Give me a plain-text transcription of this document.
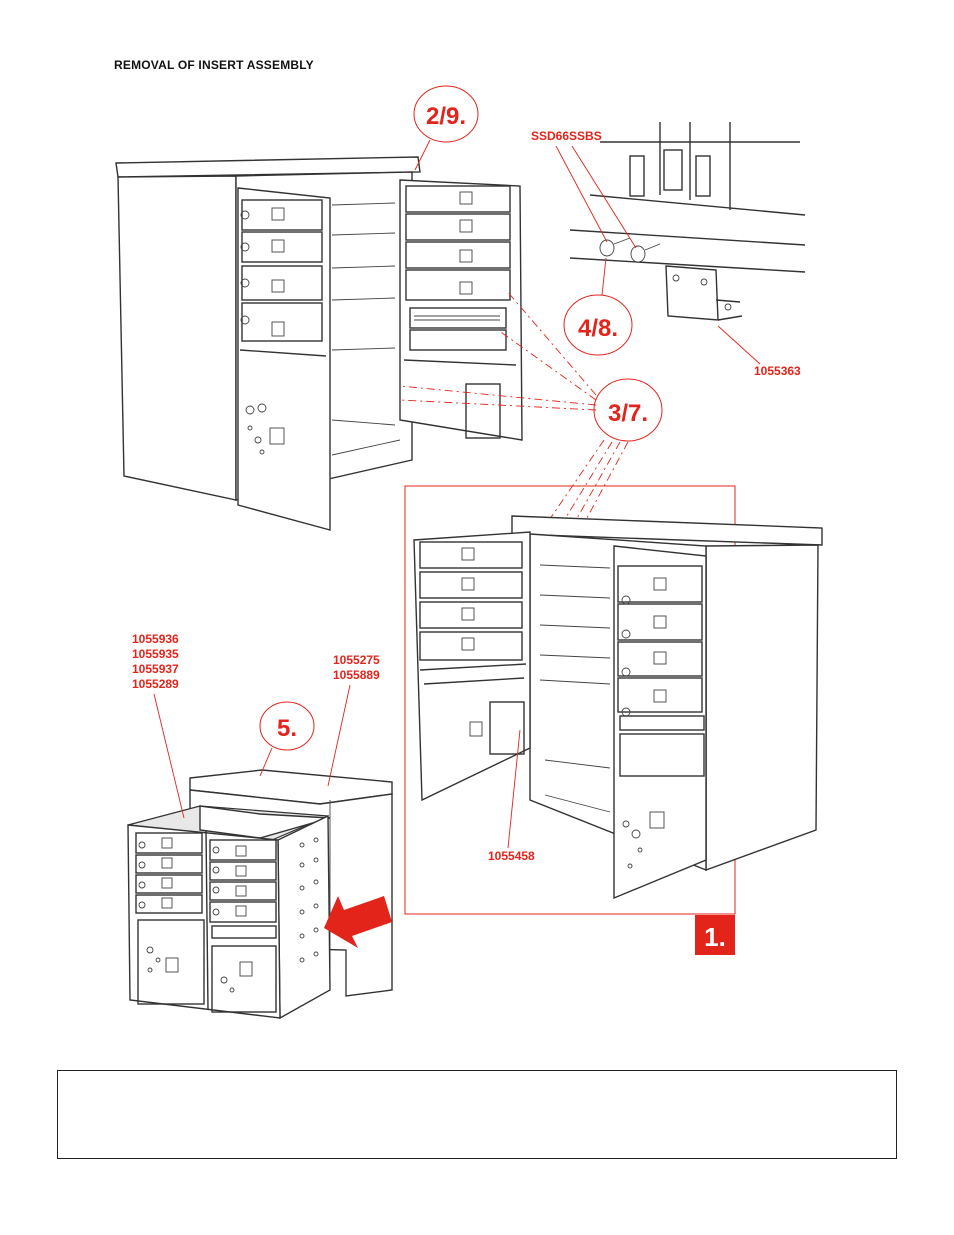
REMOVAL OF INSERT ASSEMBLY
2/9.
SSD66SSBS
4/8.
1055363
3/7.
1055458
1.
5.
1055936
1055935
1055937
1055289
1055275
1055889
